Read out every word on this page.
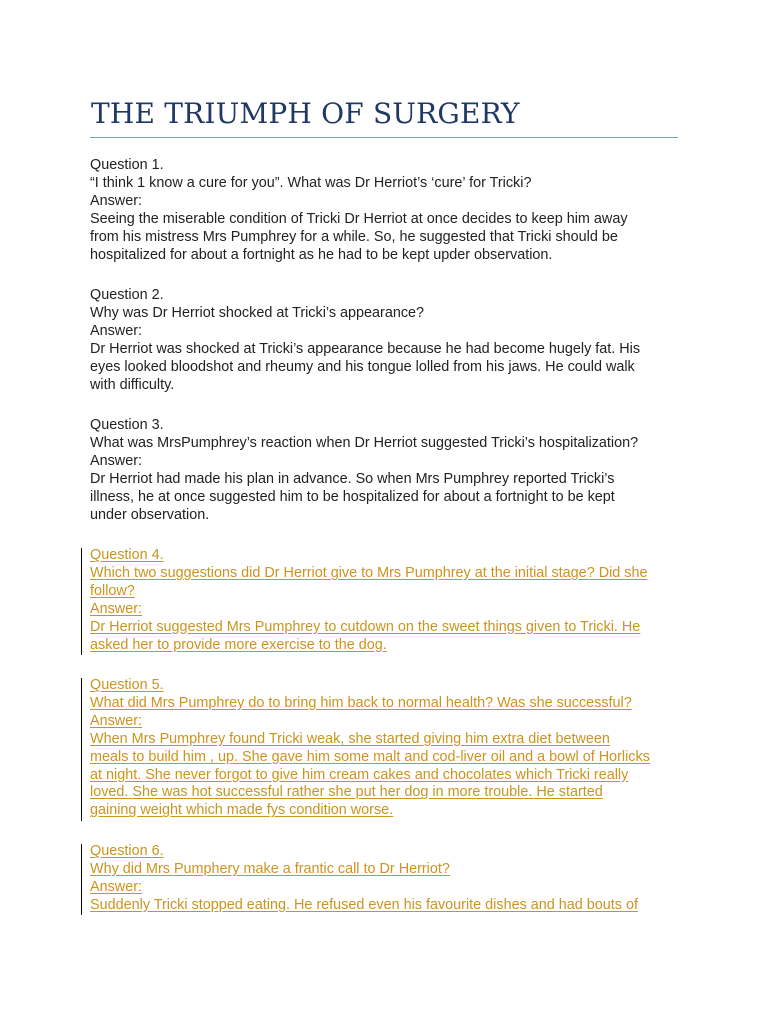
THE TRIUMPH OF SURGERY
Question 1.
“I think 1 know a cure for you”. What was Dr Herriot’s ‘cure’ for Tricki?
Answer:
Seeing the miserable condition of Tricki Dr Herriot at once decides to keep him away
from his mistress Mrs Pumphrey for a while. So, he suggested that Tricki should be
hospitalized for about a fortnight as he had to be kept upder observation.
Question 2.
Why was Dr Herriot shocked at Tricki’s appearance?
Answer:
Dr Herriot was shocked at Tricki’s appearance because he had become hugely fat. His
eyes looked bloodshot and rheumy and his tongue lolled from his jaws. He could walk
with difficulty.
Question 3.
What was MrsPumphrey’s reaction when Dr Herriot suggested Tricki’s hospitalization?
Answer:
Dr Herriot had made his plan in advance. So when Mrs Pumphrey reported Tricki’s
illness, he at once suggested him to be hospitalized for about a fortnight to be kept
under observation.
Question 4.
Which two suggestions did Dr Herriot give to Mrs Pumphrey at the initial stage? Did she
follow?
Answer:
Dr Herriot suggested Mrs Pumphrey to cutdown on the sweet things given to Tricki. He
asked her to provide more exercise to the dog.
Question 5.
What did Mrs Pumphrey do to bring him back to normal health? Was she successful?
Answer:
When Mrs Pumphrey found Tricki weak, she started giving him extra diet between
meals to build him , up. She gave him some malt and cod-liver oil and a bowl of Horlicks
at night. She never forgot to give him cream cakes and chocolates which Tricki really
loved. She was hot successful rather she put her dog in more trouble. He started
gaining weight which made fys condition worse.
Question 6.
Why did Mrs Pumphery make a frantic call to Dr Herriot?
Answer:
Suddenly Tricki stopped eating. He refused even his favourite dishes and had bouts of
